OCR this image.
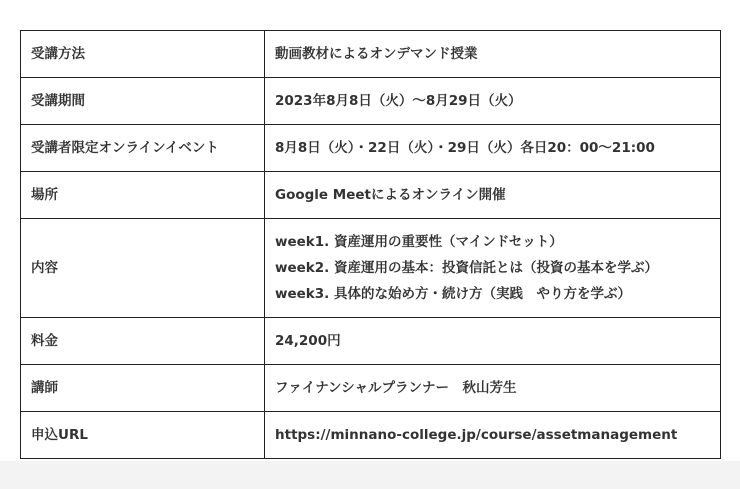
受講方法	動画教材によるオンデマンド授業
受講期間	2023年8月8日（火）〜8月29日（火）
受講者限定オンラインイベント	8月8日（火）・22日（火）・29日（火）各日20：00〜21:00
場所	Google Meetによるオンライン開催
内容	week1. 資産運用の重要性（マインドセット）
week2. 資産運用の基本：投資信託とは（投資の基本を学ぶ）
week3. 具体的な始め方・続け方（実践　やり方を学ぶ）

料金	24,200円
講師	ファイナンシャルプランナー　秋山芳生
申込URL	https://minnano-college.jp/course/assetmanagement
